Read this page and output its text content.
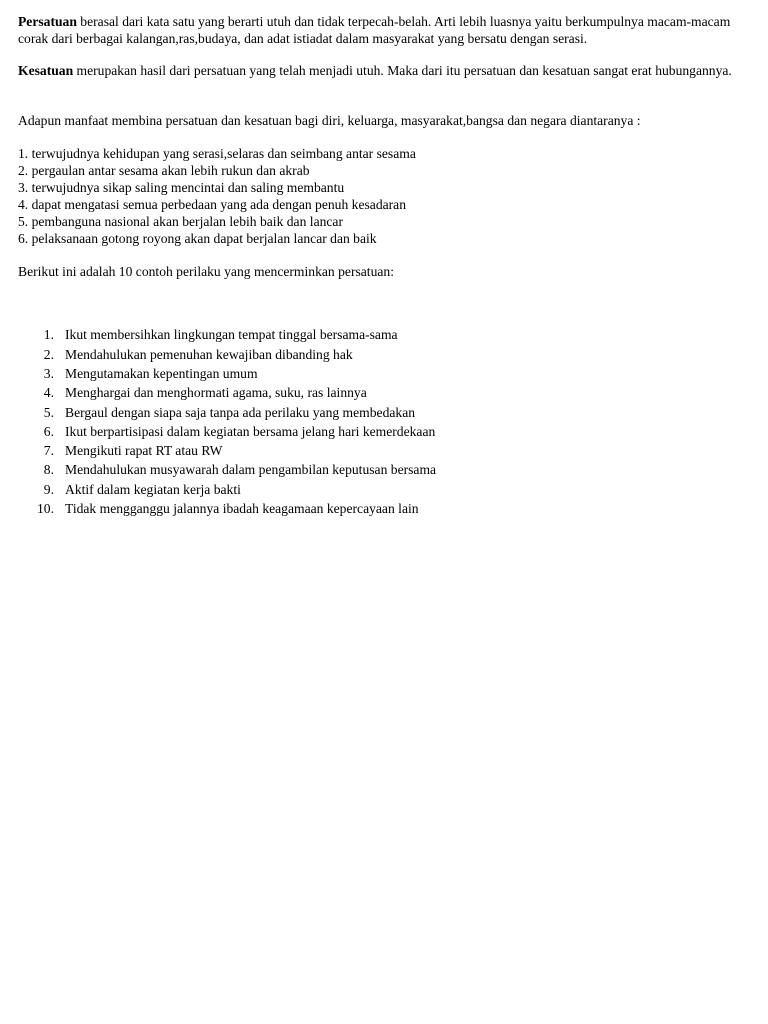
Persatuan berasal dari kata satu yang berarti utuh dan tidak terpecah-belah. Arti lebih luasnya yaitu berkumpulnya macam-macam corak dari berbagai kalangan,ras,budaya, dan adat istiadat dalam masyarakat yang bersatu dengan serasi.

Kesatuan merupakan hasil dari persatuan yang telah menjadi utuh. Maka dari itu persatuan dan kesatuan sangat erat hubungannya.

Adapun manfaat membina persatuan dan kesatuan bagi diri, keluarga, masyarakat,bangsa dan negara diantaranya :

1. terwujudnya kehidupan yang serasi,selaras dan seimbang antar sesama
2. pergaulan antar sesama akan lebih rukun dan akrab
3. terwujudnya sikap saling mencintai dan saling membantu
4. dapat mengatasi semua perbedaan yang ada dengan penuh kesadaran
5. pembanguna nasional akan berjalan lebih baik dan lancar
6. pelaksanaan gotong royong akan dapat berjalan lancar dan baik

Berikut ini adalah 10 contoh perilaku yang mencerminkan persatuan:

1. Ikut membersihkan lingkungan tempat tinggal bersama-sama
2. Mendahulukan pemenuhan kewajiban dibanding hak
3. Mengutamakan kepentingan umum
4. Menghargai dan menghormati agama, suku, ras lainnya
5. Bergaul dengan siapa saja tanpa ada perilaku yang membedakan
6. Ikut berpartisipasi dalam kegiatan bersama jelang hari kemerdekaan
7. Mengikuti rapat RT atau RW
8. Mendahulukan musyawarah dalam pengambilan keputusan bersama
9. Aktif dalam kegiatan kerja bakti
10. Tidak mengganggu jalannya ibadah keagamaan kepercayaan lain
